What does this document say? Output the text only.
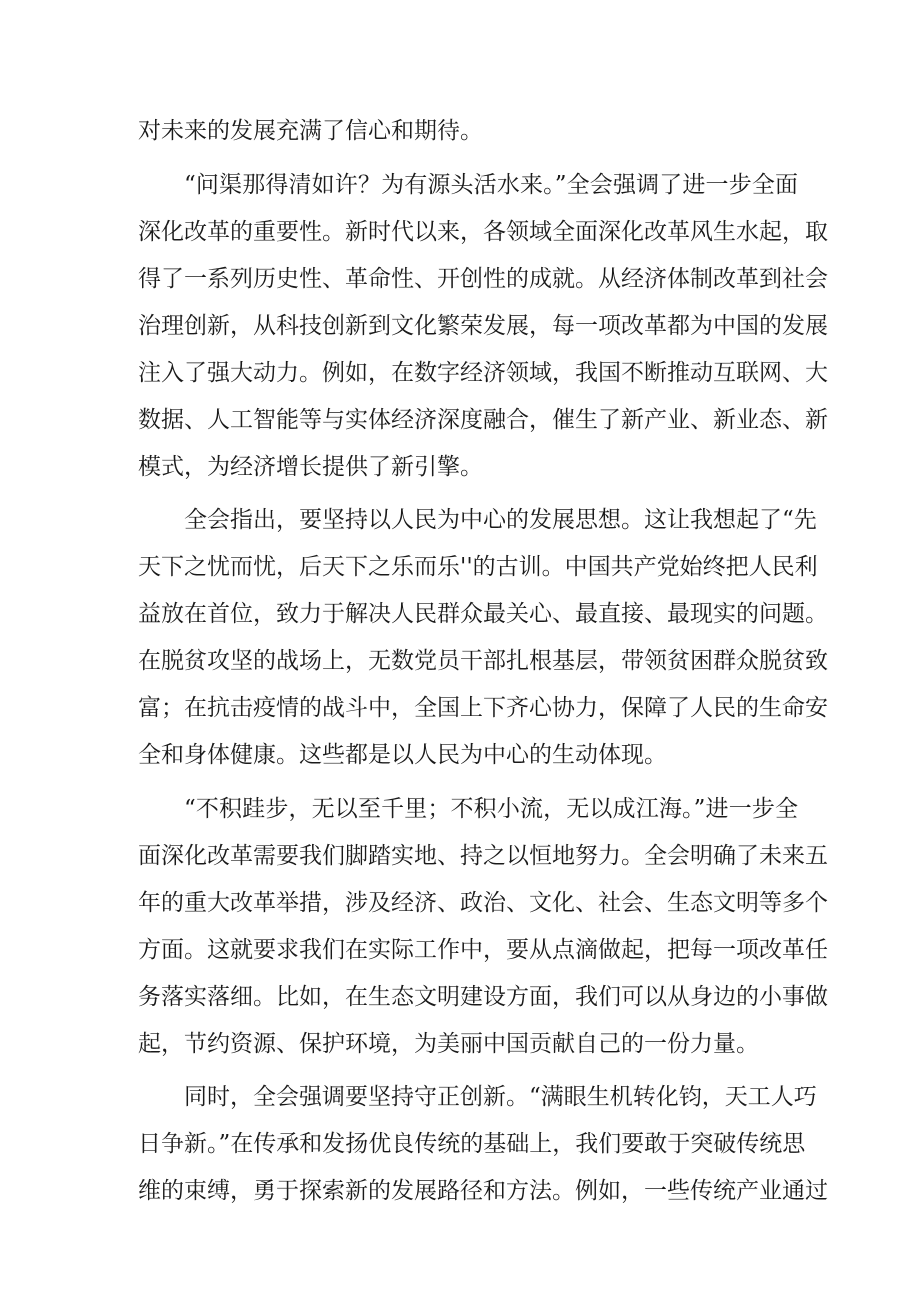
对未来的发展充满了信心和期待。
“问渠那得清如许？为有源头活水来。”全会强调了进一步全面
深化改革的重要性。新时代以来，各领域全面深化改革风生水起，取
得了一系列历史性、革命性、开创性的成就。从经济体制改革到社会
治理创新，从科技创新到文化繁荣发展，每一项改革都为中国的发展
注入了强大动力。例如，在数字经济领域，我国不断推动互联网、大
数据、人工智能等与实体经济深度融合，催生了新产业、新业态、新
模式，为经济增长提供了新引擎。
全会指出，要坚持以人民为中心的发展思想。这让我想起了“先
天下之忧而忧，后天下之乐而乐''的古训。中国共产党始终把人民利
益放在首位，致力于解决人民群众最关心、最直接、最现实的问题。
在脱贫攻坚的战场上，无数党员干部扎根基层，带领贫困群众脱贫致
富；在抗击疫情的战斗中，全国上下齐心协力，保障了人民的生命安
全和身体健康。这些都是以人民为中心的生动体现。
“不积跬步，无以至千里；不积小流，无以成江海。”进一步全
面深化改革需要我们脚踏实地、持之以恒地努力。全会明确了未来五
年的重大改革举措，涉及经济、政治、文化、社会、生态文明等多个
方面。这就要求我们在实际工作中，要从点滴做起，把每一项改革任
务落实落细。比如，在生态文明建设方面，我们可以从身边的小事做
起，节约资源、保护环境，为美丽中国贡献自己的一份力量。
同时，全会强调要坚持守正创新。“满眼生机转化钧，天工人巧
日争新。”在传承和发扬优良传统的基础上，我们要敢于突破传统思
维的束缚，勇于探索新的发展路径和方法。例如，一些传统产业通过
